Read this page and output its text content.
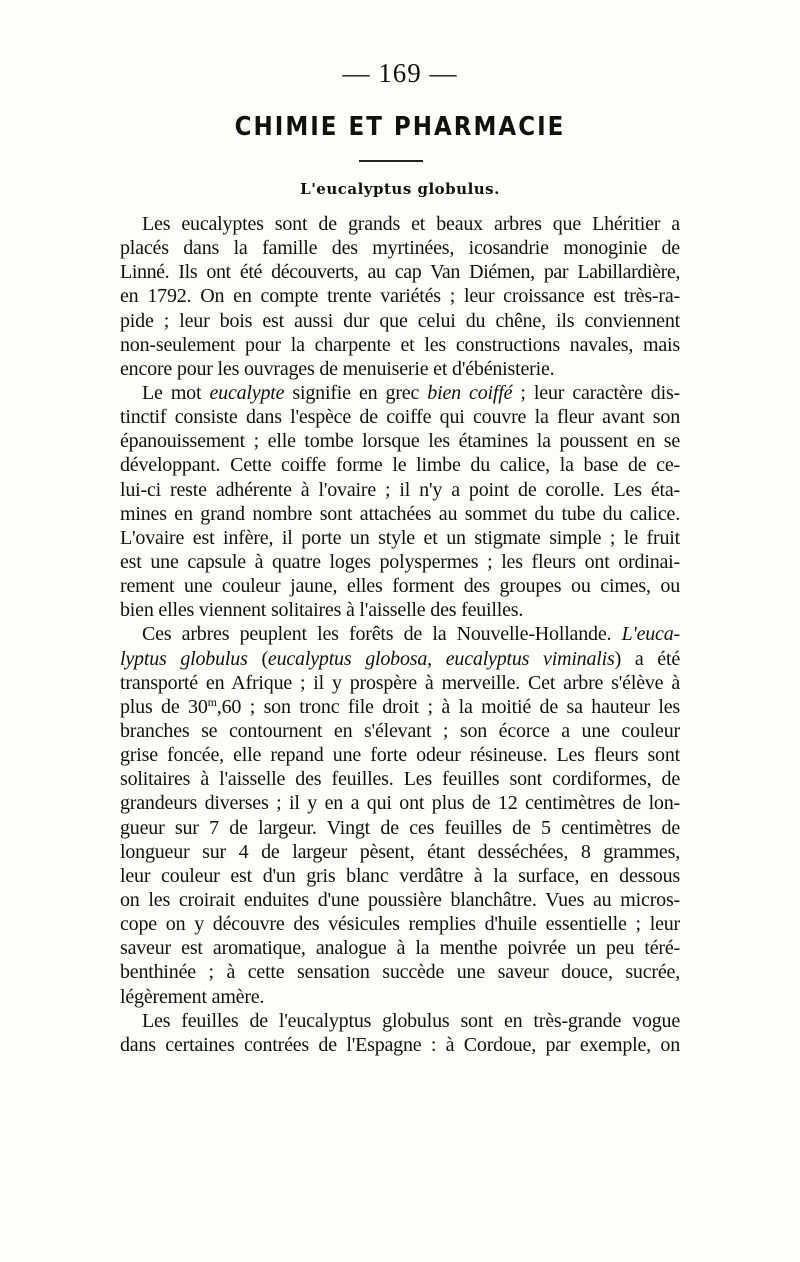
— 169 —
CHIMIE ET PHARMACIE
L'eucalyptus globulus.
Les eucalyptes sont de grands et beaux arbres que Lhéritier a
placés dans la famille des myrtinées, icosandrie monoginie de
Linné. Ils ont été découverts, au cap Van Diémen, par Labillardière,
en 1792. On en compte trente variétés ; leur croissance est très-ra-
pide ; leur bois est aussi dur que celui du chêne, ils conviennent
non-seulement pour la charpente et les constructions navales, mais
encore pour les ouvrages de menuiserie et d'ébénisterie.
Le mot eucalypte signifie en grec bien coiffé ; leur caractère dis-
tinctif consiste dans l'espèce de coiffe qui couvre la fleur avant son
épanouissement ; elle tombe lorsque les étamines la poussent en se
développant. Cette coiffe forme le limbe du calice, la base de ce-
lui-ci reste adhérente à l'ovaire ; il n'y a point de corolle. Les éta-
mines en grand nombre sont attachées au sommet du tube du calice.
L'ovaire est infère, il porte un style et un stigmate simple ; le fruit
est une capsule à quatre loges polyspermes ; les fleurs ont ordinai-
rement une couleur jaune, elles forment des groupes ou cimes, ou
bien elles viennent solitaires à l'aisselle des feuilles.
Ces arbres peuplent les forêts de la Nouvelle-Hollande. L'euca-
lyptus globulus (eucalyptus globosa, eucalyptus viminalis) a été
transporté en Afrique ; il y prospère à merveille. Cet arbre s'élève à
plus de 30$^m$,60 ; son tronc file droit ; à la moitié de sa hauteur les
branches se contournent en s'élevant ; son écorce a une couleur
grise foncée, elle repand une forte odeur résineuse. Les fleurs sont
solitaires à l'aisselle des feuilles. Les feuilles sont cordiformes, de
grandeurs diverses ; il y en a qui ont plus de 12 centimètres de lon-
gueur sur 7 de largeur. Vingt de ces feuilles de 5 centimètres de
longueur sur 4 de largeur pèsent, étant desséchées, 8 grammes,
leur couleur est d'un gris blanc verdâtre à la surface, en dessous
on les croirait enduites d'une poussière blanchâtre. Vues au micros-
cope on y découvre des vésicules remplies d'huile essentielle ; leur
saveur est aromatique, analogue à la menthe poivrée un peu téré-
benthinée ; à cette sensation succède une saveur douce, sucrée,
légèrement amère.
Les feuilles de l'eucalyptus globulus sont en très-grande vogue
dans certaines contrées de l'Espagne : à Cordoue, par exemple, on
